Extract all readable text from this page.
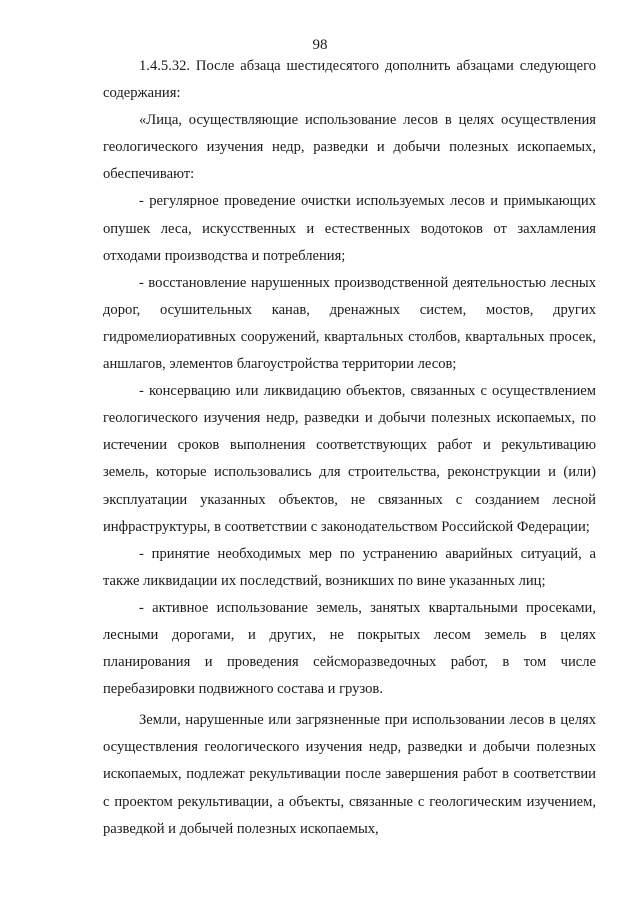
98

1.4.5.32. После абзаца шестидесятого дополнить абзацами следующего содержания:

«Лица, осуществляющие использование лесов в целях осуществления геологического изучения недр, разведки и добычи полезных ископаемых, обеспечивают:

- регулярное проведение очистки используемых лесов и примыкающих опушек леса, искусственных и естественных водотоков от захламления отходами производства и потребления;

- восстановление нарушенных производственной деятельностью лесных дорог, осушительных канав, дренажных систем, мостов, других гидромелиоративных сооружений, квартальных столбов, квартальных просек, аншлагов, элементов благоустройства территории лесов;

- консервацию или ликвидацию объектов, связанных с осуществлением геологического изучения недр, разведки и добычи полезных ископаемых, по истечении сроков выполнения соответствующих работ и рекультивацию земель, которые использовались для строительства, реконструкции и (или) эксплуатации указанных объектов, не связанных с созданием лесной инфраструктуры, в соответствии с законодательством Российской Федерации;

- принятие необходимых мер по устранению аварийных ситуаций, а также ликвидации их последствий, возникших по вине указанных лиц;

- активное использование земель, занятых квартальными просеками, лесными дорогами, и других, не покрытых лесом земель в целях планирования и проведения сейсморазведочных работ, в том числе перебазировки подвижного состава и грузов.

Земли, нарушенные или загрязненные при использовании лесов в целях осуществления геологического изучения недр, разведки и добычи полезных ископаемых, подлежат рекультивации после завершения работ в соответствии с проектом рекультивации, а объекты, связанные с геологическим изучением, разведкой и добычей полезных ископаемых,
